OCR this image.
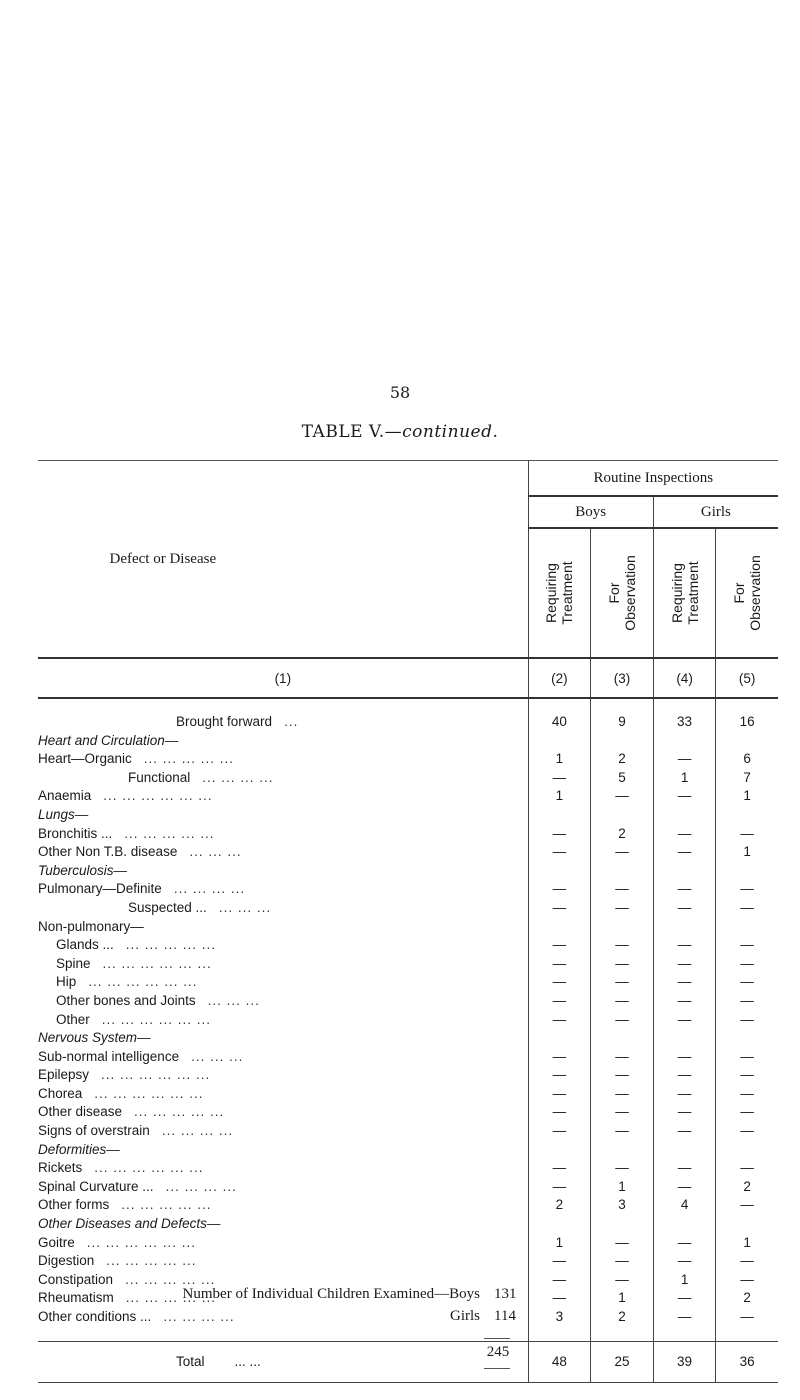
58
TABLE V.—continued.
Defect or Disease	Routine Inspections			
	Boys		Girls	

	Requiring Treatment	For Observation	Requiring Treatment	For Observation

(1)	(2)	(3)	(4)	(5)

Brought forward ...	40	9	33	16
Heart and Circulation—				
Heart—Organic ... ... ... ... ...	1	2	—	6
Functional ... ... ... ...	—	5	1	7
Anaemia ... ... ... ... ... ...	1	—	—	1
Lungs—				
Bronchitis ... ... ... ... ... ...	—	2	—	—
Other Non T.B. disease ... ... ...	—	—	—	1
Tuberculosis—				
Pulmonary—Definite ... ... ... ...	—	—	—	—
Suspected ... ... ... ...	—	—	—	—
Non-pulmonary—				
Glands ... ... ... ... ... ...	—	—	—	—
Spine ... ... ... ... ... ...	—	—	—	—
Hip ... ... ... ... ... ...	—	—	—	—
Other bones and Joints ... ... ...	—	—	—	—
Other ... ... ... ... ... ...	—	—	—	—
Nervous System—				
Sub-normal intelligence ... ... ...	—	—	—	—
Epilepsy ... ... ... ... ... ...	—	—	—	—
Chorea ... ... ... ... ... ...	—	—	—	—
Other disease ... ... ... ... ...	—	—	—	—
Signs of overstrain ... ... ... ...	—	—	—	—
Deformities—				
Rickets ... ... ... ... ... ...	—	—	—	—
Spinal Curvature ... ... ... ... ...	—	1	—	2
Other forms ... ... ... ... ...	2	3	4	—
Other Diseases and Defects—				
Goitre ... ... ... ... ... ...	1	—	—	1
Digestion ... ... ... ... ...	—	—	—	—
Constipation ... ... ... ... ...	—	—	1	—
Rheumatism ... ... ... ... ...	—	1	—	2
Other conditions ... ... ... ... ...	3	2	—	—

Total ... ...	48	25	39	36
Number of Individual Children Examined—Boys 131
Girls 114
245
